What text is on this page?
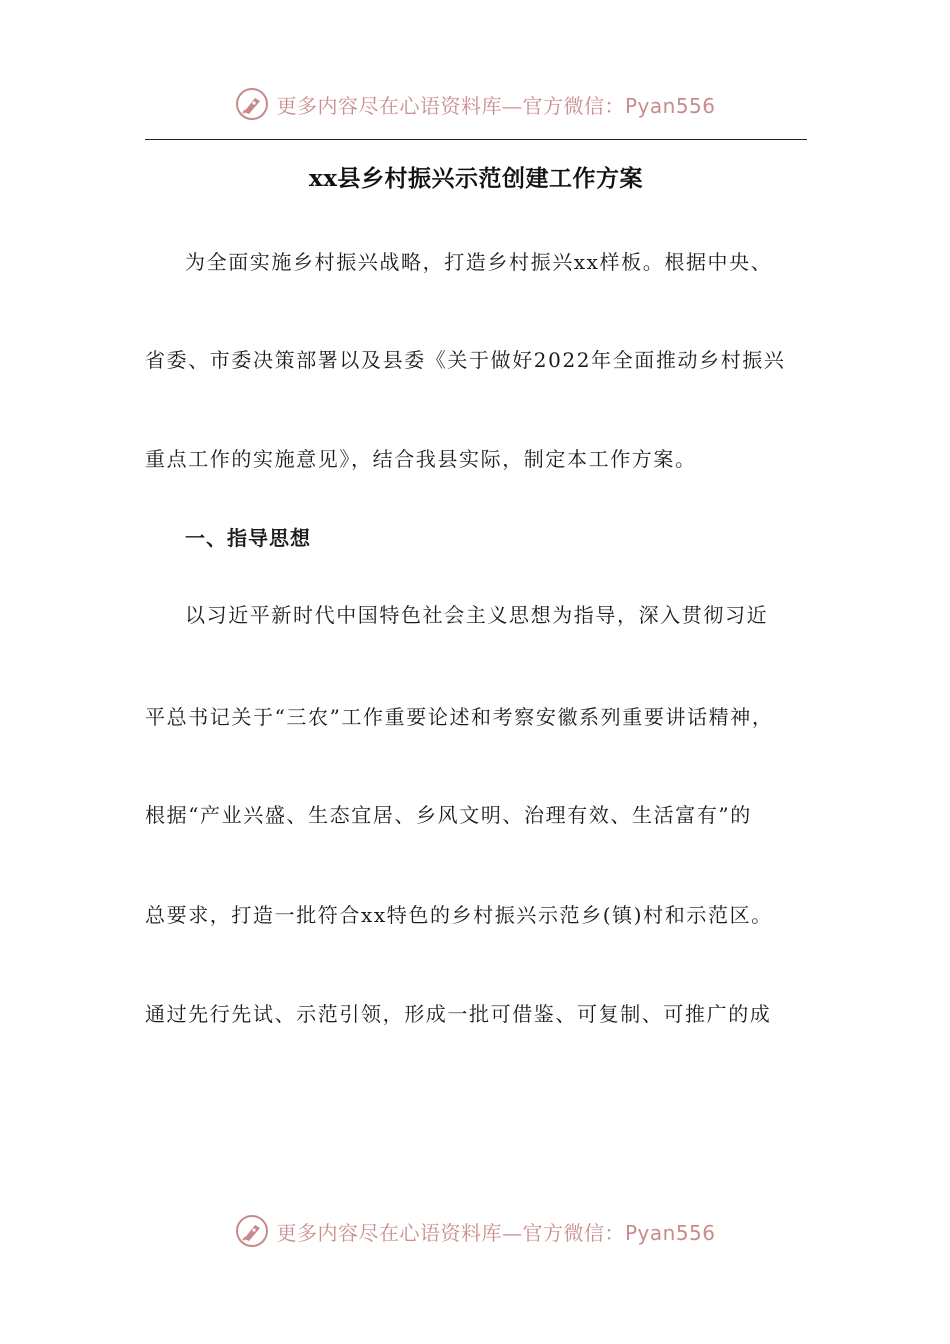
更多内容尽在心语资料库—官方微信：Pyan556
xx县乡村振兴示范创建工作方案
为全面实施乡村振兴战略，打造乡村振兴xx样板。根据中央、
省委、市委决策部署以及县委《关于做好2022年全面推动乡村振兴
重点工作的实施意见》，结合我县实际，制定本工作方案。
一、指导思想
以习近平新时代中国特色社会主义思想为指导，深入贯彻习近
平总书记关于“三农”工作重要论述和考察安徽系列重要讲话精神，
根据“产业兴盛、生态宜居、乡风文明、治理有效、生活富有”的
总要求，打造一批符合xx特色的乡村振兴示范乡(镇)村和示范区。
通过先行先试、示范引领，形成一批可借鉴、可复制、可推广的成
更多内容尽在心语资料库—官方微信：Pyan556
